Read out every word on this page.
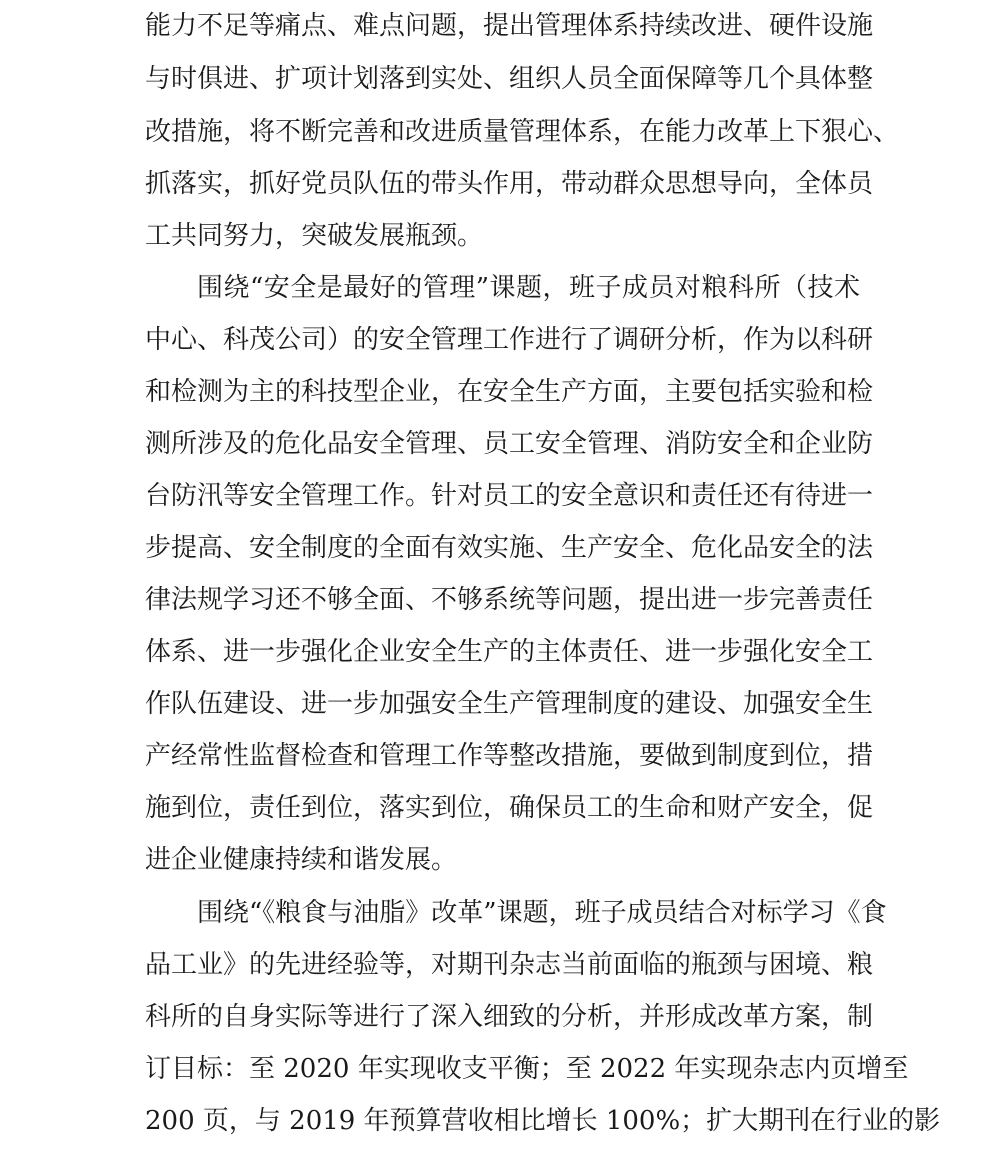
能力不足等痛点、难点问题，提出管理体系持续改进、硬件设施
与时俱进、扩项计划落到实处、组织人员全面保障等几个具体整
改措施，将不断完善和改进质量管理体系，在能力改革上下狠心、
抓落实，抓好党员队伍的带头作用，带动群众思想导向，全体员
工共同努力，突破发展瓶颈。
围绕“安全是最好的管理”课题，班子成员对粮科所（技术
中心、科茂公司）的安全管理工作进行了调研分析，作为以科研
和检测为主的科技型企业，在安全生产方面，主要包括实验和检
测所涉及的危化品安全管理、员工安全管理、消防安全和企业防
台防汛等安全管理工作。针对员工的安全意识和责任还有待进一
步提高、安全制度的全面有效实施、生产安全、危化品安全的法
律法规学习还不够全面、不够系统等问题，提出进一步完善责任
体系、进一步强化企业安全生产的主体责任、进一步强化安全工
作队伍建设、进一步加强安全生产管理制度的建设、加强安全生
产经常性监督检查和管理工作等整改措施，要做到制度到位，措
施到位，责任到位，落实到位，确保员工的生命和财产安全，促
进企业健康持续和谐发展。
围绕“《粮食与油脂》改革”课题，班子成员结合对标学习《食
品工业》的先进经验等，对期刊杂志当前面临的瓶颈与困境、粮
科所的自身实际等进行了深入细致的分析，并形成改革方案，制
订目标：至 2020 年实现收支平衡；至 2022 年实现杂志内页增至
200 页，与 2019 年预算营收相比增长 100%；扩大期刊在行业的影
